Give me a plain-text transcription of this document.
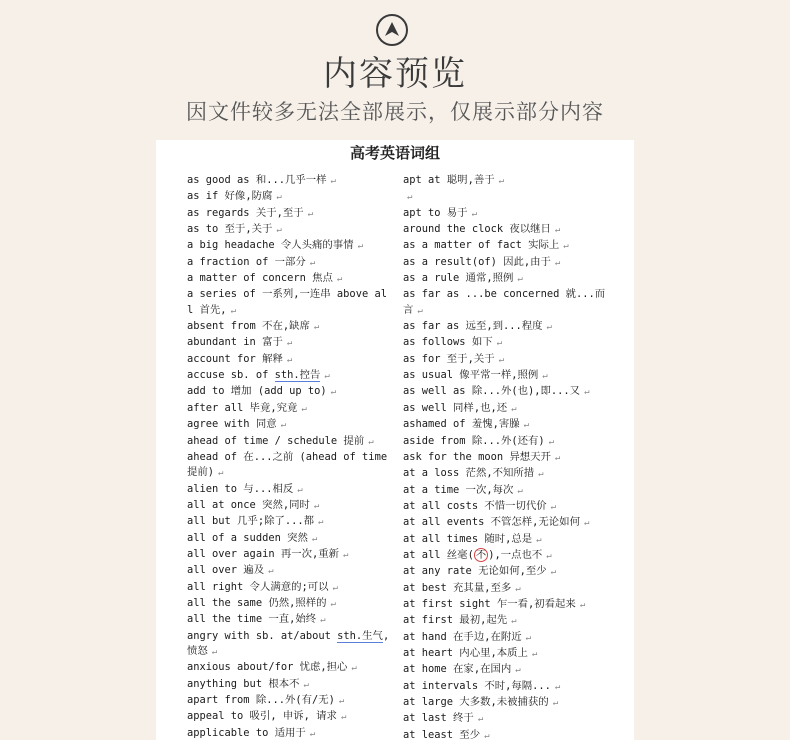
内容预览
因文件较多无法全部展示，仅展示部分内容
高考英语词组
as good as 和...几乎一样 ↵
as if 好像,防腐 ↵
as regards 关于,至于 ↵
as to 至于,关于 ↵
a big headache 令人头痛的事情 ↵
a fraction of 一部分 ↵
a matter of concern 焦点 ↵
a series of 一系列,一连串 above all 首先, ↵
absent from 不在,缺席 ↵
abundant in 富于 ↵
account for 解释 ↵
accuse sb. of sth.控告 ↵
add to 增加 (add up to) ↵
after all 毕竟,究竟 ↵
agree with 同意 ↵
ahead of time / schedule 提前 ↵
ahead of 在...之前 (ahead of time 提前) ↵
alien to 与...相反 ↵
all at once 突然,同时 ↵
all but 几乎;除了...都 ↵
all of a sudden 突然 ↵
all over again 再一次,重新 ↵
all over 遍及 ↵
all right 令人满意的;可以 ↵
all the same 仍然,照样的 ↵
all the time 一直,始终 ↵
angry with sb. at/about sth.生气, 愤怒 ↵
anxious about/for 忧虑,担心 ↵
anything but 根本不 ↵
apart from 除...外(有/无) ↵
appeal to 吸引, 申诉, 请求 ↵
applicable to 适用于 ↵
apt at 聪明,善于 ↵
↵
apt to 易于 ↵
around the clock 夜以继日 ↵
as a matter of fact 实际上 ↵
as a result(of) 因此,由于 ↵
as a rule 通常,照例 ↵
as far as ...be concerned 就...而 言 ↵
as far as 远至,到...程度 ↵
as follows 如下 ↵
as for 至于,关于 ↵
as usual 像平常一样,照例 ↵
as well as 除...外(也),即...又 ↵
as well 同样,也,还 ↵
ashamed of 羞愧,害臊 ↵
aside from 除...外(还有) ↵
ask for the moon 异想天开 ↵
at a loss 茫然,不知所措 ↵
at a time 一次,每次 ↵
at all costs 不惜一切代价 ↵
at all events 不管怎样,无论如何 ↵
at all times 随时,总是 ↵
at all 丝毫( 不 ),一点也不 ↵
at any rate 无论如何,至少 ↵
at best 充其量,至多 ↵
at first sight 乍一看,初看起来 ↵
at first 最初,起先 ↵
at hand 在手边,在附近 ↵
at heart 内心里,本质上 ↵
at home 在家,在国内 ↵
at intervals 不时,每隔... ↵
at large 大多数,未被捕获的 ↵
at last 终于 ↵
at least 至少 ↵
